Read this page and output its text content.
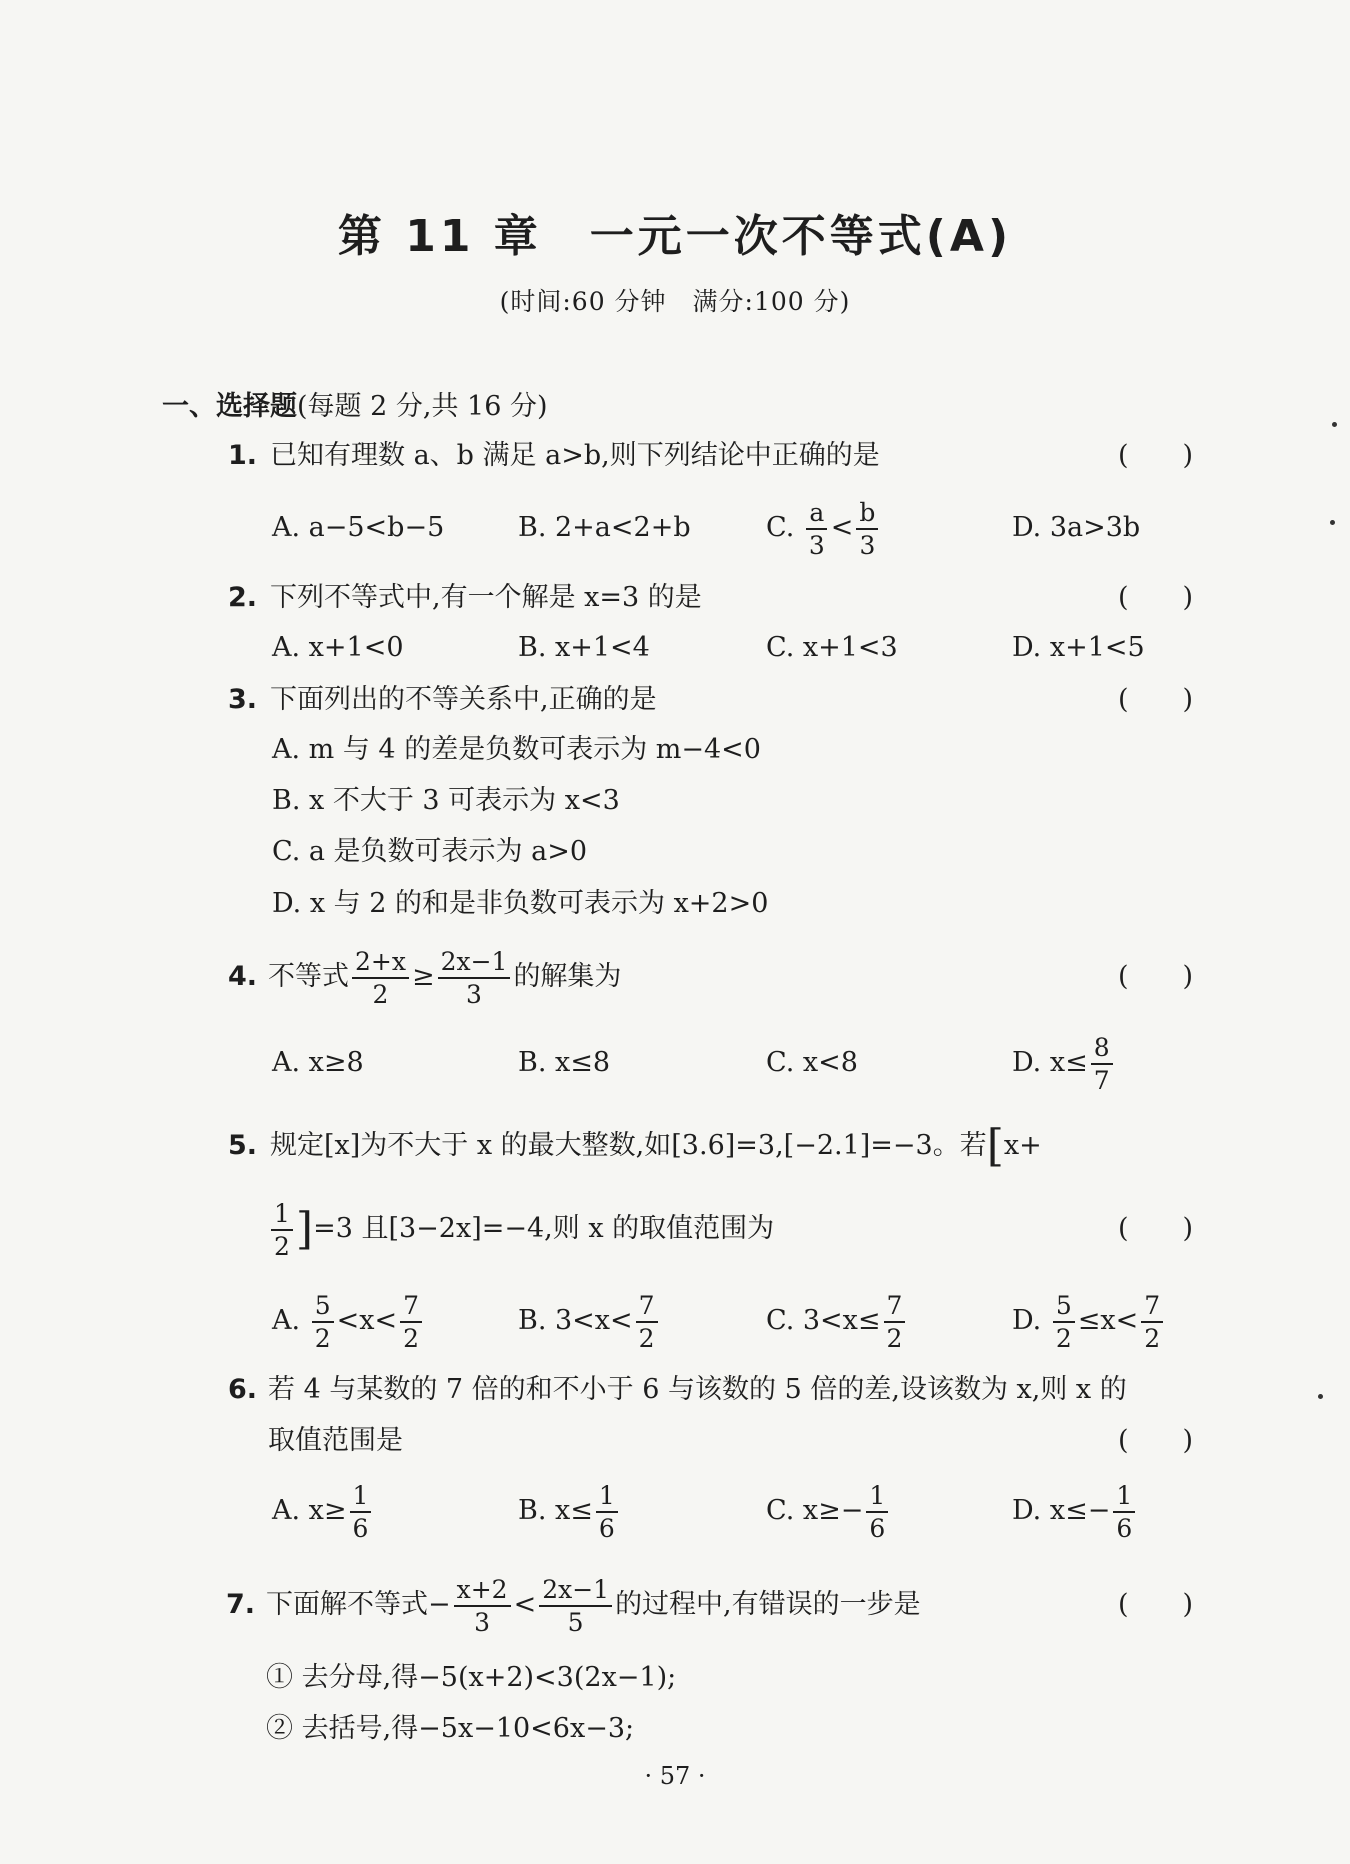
第 11 章　一元一次不等式(A)
(时间:60 分钟　满分:100 分)
一、选择题(每题 2 分,共 16 分)
1. 已知有理数 a、b 满足 a>b,则下列结论中正确的是	(　　)
A. a−5<b−5	B. 2+a<2+b	C. $\frac{a}{3} < \frac{b}{3}$	D. 3a>3b
2. 下列不等式中,有一个解是 x=3 的是	(　　)
A. x+1<0	B. x+1<4	C. x+1<3	D. x+1<5
3. 下面列出的不等关系中,正确的是	(　　)
A. m 与 4 的差是负数可表示为 m−4<0
B. x 不大于 3 可表示为 x<3
C. a 是负数可表示为 a>0
D. x 与 2 的和是非负数可表示为 x+2>0
4. 不等式 $\frac{2+x}{2} \ge \frac{2x-1}{3}$ 的解集为	(　　)
A. x≥8	B. x≤8	C. x<8	D. $x\le \frac{8}{7}$
5. 规定[x]为不大于 x 的最大整数,如[3.6]=3,[−2.1]=−3。若[x+
$\frac{1}{2} ]=3$ 且[3−2x]=−4,则 x 的取值范围为	(　　)
A. $\frac{5}{2} <x< \frac{7}{2}$	B. $3<x< \frac{7}{2}$	C. $3<x\le \frac{7}{2}$	D. $\frac{5}{2} \le x< \frac{7}{2}$
6. 若 4 与某数的 7 倍的和不小于 6 与该数的 5 倍的差,设该数为 x,则 x 的
取值范围是	(　　)
A. $x\ge \frac{1}{6}$	B. $x\le \frac{1}{6}$	C. $x\ge- \frac{1}{6}$	D. $x\le- \frac{1}{6}$
7. 下面解不等式− $\frac{x+2}{3} < \frac{2x-1}{5}$ 的过程中,有错误的一步是	(　　)
① 去分母,得−5(x+2)<3(2x−1);
② 去括号,得−5x−10<6x−3;
· 57 ·
